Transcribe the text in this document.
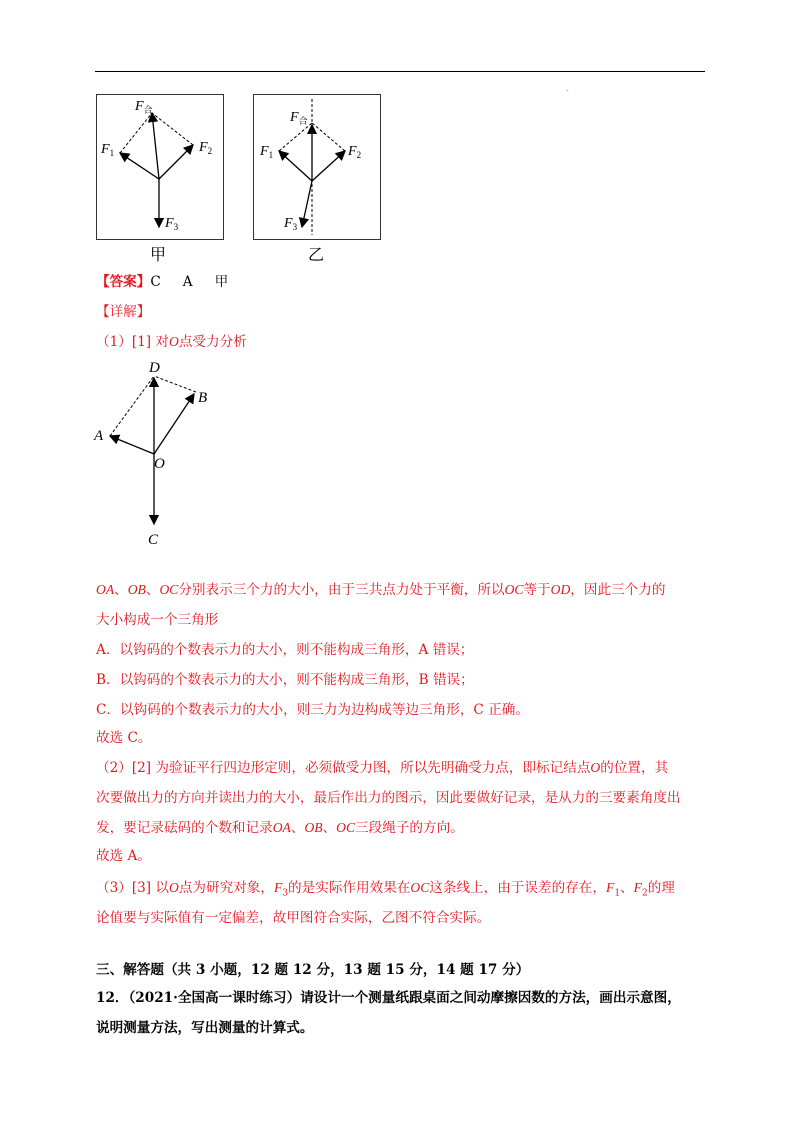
-
$F_合$
$F_1$	$F_2$
$F_3$
甲
$F_合$
$F_1$	$F_2$
$F_3$
乙
【答案】C A 甲
【详解】
（1）[1] 对O点受力分析
D
B
A
O
C
OA、OB、OC分别表示三个力的大小，由于三共点力处于平衡，所以OC等于OD，因此三个力的
大小构成一个三角形
A．以钩码的个数表示力的大小，则不能构成三角形，A 错误；
B．以钩码的个数表示力的大小，则不能构成三角形，B 错误；
C．以钩码的个数表示力的大小，则三力为边构成等边三角形，C 正确。
故选 C。
（2）[2] 为验证平行四边形定则，必须做受力图，所以先明确受力点，即标记结点O的位置，其
次要做出力的方向并读出力的大小，最后作出力的图示，因此要做好记录，是从力的三要素角度出
发，要记录砝码的个数和记录OA、OB、OC三段绳子的方向。
故选 A。
（3）[3] 以O点为研究对象，$F_3$的是实际作用效果在OC这条线上，由于误差的存在，$F_1$、$F_2$的理
论值要与实际值有一定偏差，故甲图符合实际，乙图不符合实际。
三、解答题（共 3 小题，12 题 12 分，13 题 15 分，14 题 17 分）
12．（2021·全国高一课时练习）请设计一个测量纸跟桌面之间动摩擦因数的方法，画出示意图，
说明测量方法，写出测量的计算式。
